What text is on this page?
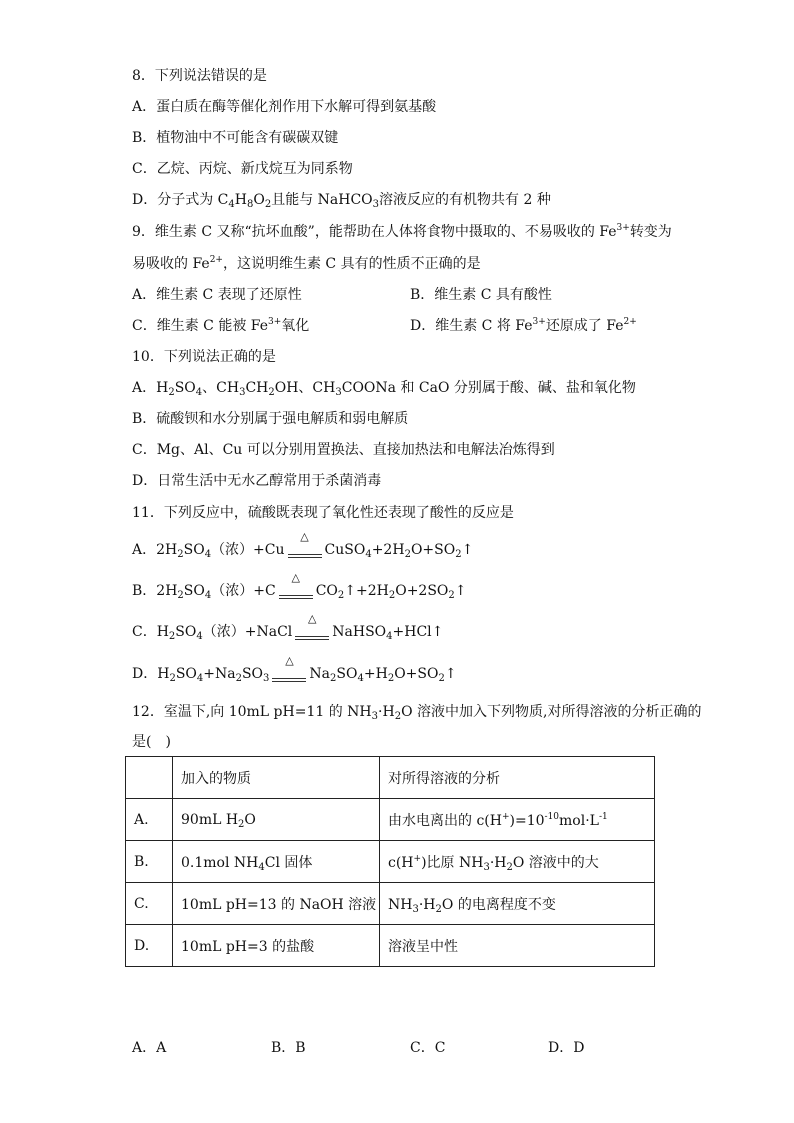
8．下列说法错误的是
A．蛋白质在酶等催化剂作用下水解可得到氨基酸
B．植物油中不可能含有碳碳双键
C．乙烷、丙烷、新戊烷互为同系物
D．分子式为 $C_4H_8O_2$且能与 NaHCO$_3$溶液反应的有机物共有 2 种
9．维生素 C 又称“抗坏血酸”，能帮助在人体将食物中摄取的、不易吸收的 $Fe^{3+}$转变为
易吸收的 $Fe^{2+}$，这说明维生素 C 具有的性质不正确的是
A．维生素 C 表现了还原性	B．维生素 C 具有酸性
C．维生素 C 能被 $Fe^{3+}$氧化	D．维生素 C 将 $Fe^{3+}$还原成了 $Fe^{2+}$
10．下列说法正确的是
A．$H_2SO_4$、$CH_3CH_2OH$、$CH_3COONa$ 和 CaO 分别属于酸、碱、盐和氧化物
B．硫酸钡和水分别属于强电解质和弱电解质
C．Mg、Al、Cu 可以分别用置换法、直接加热法和电解法冶炼得到
D．日常生活中无水乙醇常用于杀菌消毒
11．下列反应中，硫酸既表现了氧化性还表现了酸性的反应是
A．$2H_2SO_4$（浓）+Cu
△
$CuSO_4+2H_2O+SO_2↑$
B．$2H_2SO_4$（浓）+C
△
$CO_2↑+2H_2O+2SO_2↑$
C．$H_2SO_4$（浓）+NaCl
△
NaHSO$_4$+HCl↑
D．$H_2SO_4+Na_2SO_3$
△
$Na_2SO_4+H_2O+SO_2↑$
12．室温下,向 10mL pH=11 的 $NH_3\cdot H_2O$ 溶液中加入下列物质,对所得溶液的分析正确的
是(　)
	加入的物质	对所得溶液的分析
A.	90mL $H_2O$	由水电离出的 $c(H^+)=10^{-10}mol\cdot L^{-1}$
B.	0.1mol $NH_4Cl$ 固体	c(H+)比原 $NH_3\cdot H_2O$ 溶液中的大
C.	10mL pH=13 的 NaOH 溶液	$NH_3\cdot H_2O$ 的电离程度不变
D.	10mL pH=3 的盐酸	溶液呈中性
A．A	B．B	C．C	D．D
